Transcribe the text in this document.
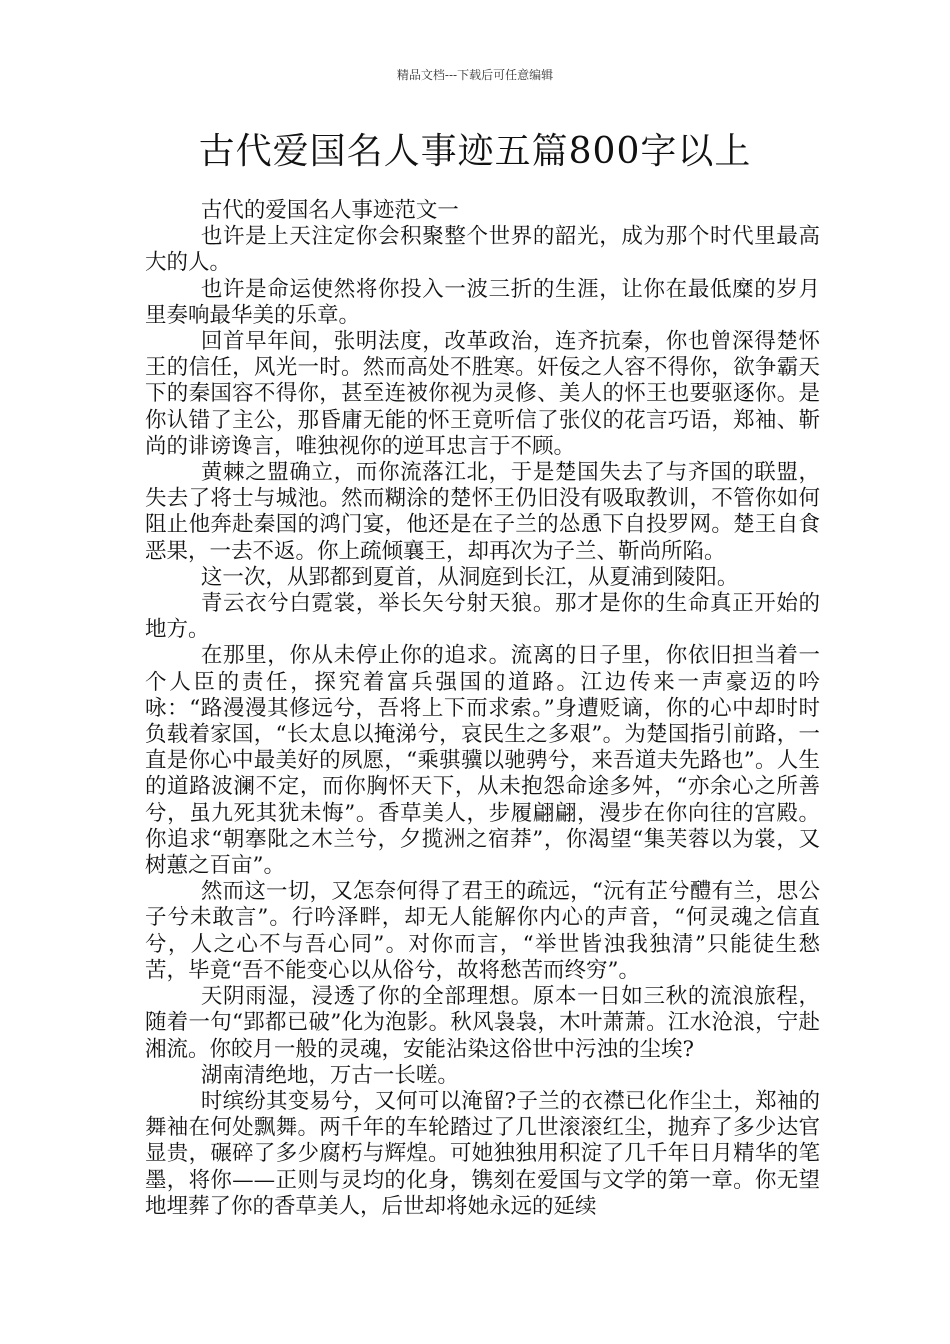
精品文档---下载后可任意编辑
古代爱国名人事迹五篇800字以上

古代的爱国名人事迹范文一

也许是上天注定你会积聚整个世界的韶光，成为那个时代里最高大的人。

也许是命运使然将你投入一波三折的生涯，让你在最低糜的岁月里奏响最华美的乐章。

回首早年间，张明法度，改革政治，连齐抗秦，你也曾深得楚怀王的信任，风光一时。然而高处不胜寒。奸佞之人容不得你，欲争霸天下的秦国容不得你，甚至连被你视为灵修、美人的怀王也要驱逐你。是你认错了主公，那昏庸无能的怀王竟听信了张仪的花言巧语，郑袖、靳尚的诽谤谗言，唯独视你的逆耳忠言于不顾。

黄棘之盟确立，而你流落江北，于是楚国失去了与齐国的联盟，失去了将士与城池。然而糊涂的楚怀王仍旧没有吸取教训，不管你如何阻止他奔赴秦国的鸿门宴，他还是在子兰的怂恿下自投罗网。楚王自食恶果，一去不返。你上疏倾襄王，却再次为子兰、靳尚所陷。

这一次，从郢都到夏首，从洞庭到长江，从夏浦到陵阳。

青云衣兮白霓裳，举长矢兮射天狼。那才是你的生命真正开始的地方。

在那里，你从未停止你的追求。流离的日子里，你依旧担当着一个人臣的责任，探究着富兵强国的道路。江边传来一声豪迈的吟咏：“路漫漫其修远兮，吾将上下而求索。”身遭贬谪，你的心中却时时负载着家国，“长太息以掩涕兮，哀民生之多艰”。为楚国指引前路，一直是你心中最美好的夙愿，“乘骐骥以驰骋兮，来吾道夫先路也”。人生的道路波澜不定，而你胸怀天下，从未抱怨命途多舛，“亦余心之所善兮，虽九死其犹未悔”。香草美人，步履翩翩，漫步在你向往的宫殿。你追求“朝搴阰之木兰兮，夕揽洲之宿莽”，你渴望“集芙蓉以为裳，又树蕙之百亩”。

然而这一切，又怎奈何得了君王的疏远，“沅有芷兮醴有兰，思公子兮未敢言”。行吟泽畔，却无人能解你内心的声音，“何灵魂之信直兮，人之心不与吾心同”。对你而言，“举世皆浊我独清”只能徒生愁苦，毕竟“吾不能变心以从俗兮，故将愁苦而终穷”。

天阴雨湿，浸透了你的全部理想。原本一日如三秋的流浪旅程，随着一句“郢都已破”化为泡影。秋风袅袅，木叶萧萧。江水沧浪，宁赴湘流。你皎月一般的灵魂，安能沾染这俗世中污浊的尘埃?

湖南清绝地，万古一长嗟。

时缤纷其变易兮，又何可以淹留?子兰的衣襟已化作尘土，郑袖的舞袖在何处飘舞。两千年的车轮踏过了几世滚滚红尘，抛弃了多少达官显贵，碾碎了多少腐朽与辉煌。可她独独用积淀了几千年日月精华的笔墨，将你——正则与灵均的化身，镌刻在爱国与文学的第一章。你无望地埋葬了你的香草美人，后世却将她永远的延续
